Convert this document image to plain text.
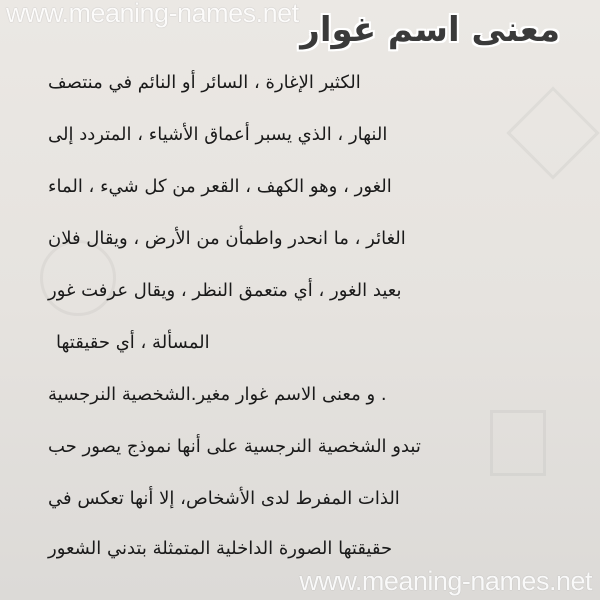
www.meaning-names.net معنى اسم غوار
الكثير الإغارة ، السائر أو النائم في منتصف
النهار ، الذي يسبر أعماق الأشياء ، المتردد إلى
الغور ، وهو الكهف ، القعر من كل شيء ، الماء
الغائر ، ما انحدر واطمأن من الأرض ، ويقال فلان
بعيد الغور ، أي متعمق النظر ، ويقال عرفت غور
المسألة ، أي حقيقتها
. و معنى الاسم غوار مغير.الشخصية النرجسية
تبدو الشخصية النرجسية على أنها نموذج يصور حب
الذات المفرط لدى الأشخاص، إلا أنها تعكس في
حقيقتها الصورة الداخلية المتمثلة بتدني الشعور
www.meaning-names.net
